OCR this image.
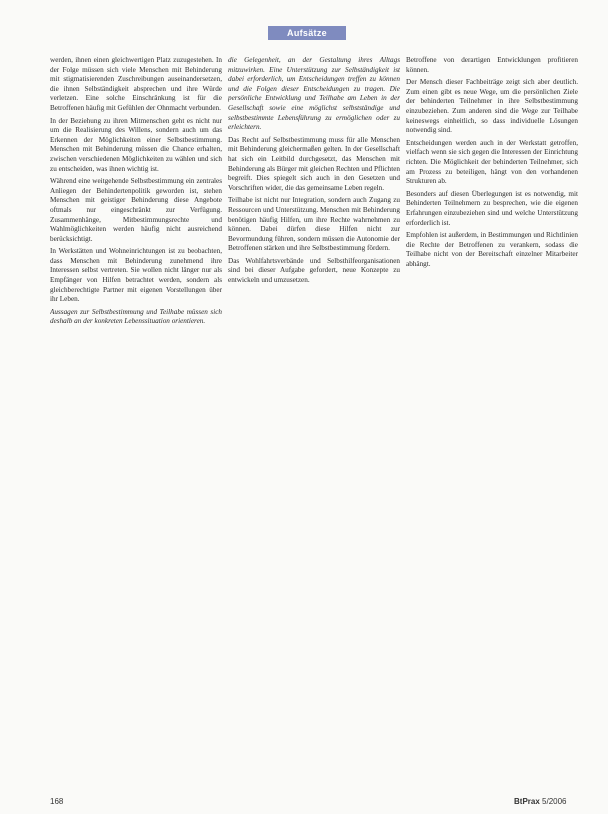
Aufsätze

werden, ihnen einen gleichwertigen Platz zuzugestehen. In der Folge müssen sich viele Menschen mit Behinderung mit stigmatisierenden Zuschreibungen auseinandersetzen, die ihnen Selbständigkeit absprechen und ihre Würde verletzen. Eine solche Einschränkung ist für die Betroffenen häufig mit Gefühlen der Ohnmacht verbunden.

In der Beziehung zu ihren Mitmenschen geht es nicht nur um die Realisierung des Willens, sondern auch um das Erkennen der Möglichkeiten einer Selbstbestimmung. Menschen mit Behinderung müssen die Chance erhalten, zwischen verschiedenen Möglichkeiten zu wählen und sich zu entscheiden, was ihnen wichtig ist.

Während eine weitgehende Selbstbestimmung ein zentrales Anliegen der Behindertenpolitik geworden ist, stehen Menschen mit geistiger Behinderung diese Angebote oftmals nur eingeschränkt zur Verfügung. Zusammenhänge, Mitbestimmungsrechte und Wahlmöglichkeiten werden häufig nicht ausreichend berücksichtigt.

In Werkstätten und Wohneinrichtungen ist zu beobachten, dass Menschen mit Behinderung zunehmend ihre Interessen selbst vertreten. Sie wollen nicht länger nur als Empfänger von Hilfen betrachtet werden, sondern als gleichberechtigte Partner mit eigenen Vorstellungen über ihr Leben.

Aussagen zur Selbstbestimmung und Teilhabe müssen sich deshalb an der konkreten Lebenssituation orientieren.

die Gelegenheit, an der Gestaltung ihres Alltags mitzuwirken. Eine Unterstützung zur Selbständigkeit ist dabei erforderlich, um Entscheidungen treffen zu können und die Folgen dieser Entscheidungen zu tragen. Die persönliche Entwicklung und Teilhabe am Leben in der Gesellschaft sowie eine möglichst selbstständige und selbstbestimmte Lebensführung zu ermöglichen oder zu erleichtern.

Das Recht auf Selbstbestimmung muss für alle Menschen mit Behinderung gleichermaßen gelten. In der Gesellschaft hat sich ein Leitbild durchgesetzt, das Menschen mit Behinderung als Bürger mit gleichen Rechten und Pflichten begreift. Dies spiegelt sich auch in den Gesetzen und Vorschriften wider, die das gemeinsame Leben regeln.

Teilhabe ist nicht nur Integration, sondern auch Zugang zu Ressourcen und Unterstützung. Menschen mit Behinderung benötigen häufig Hilfen, um ihre Rechte wahrnehmen zu können. Dabei dürfen diese Hilfen nicht zur Bevormundung führen, sondern müssen die Autonomie der Betroffenen stärken und ihre Selbstbestimmung fördern.

Das Wohlfahrtsverbände und Selbsthilfeorganisationen sind bei dieser Aufgabe gefordert, neue Konzepte zu entwickeln und umzusetzen.

Betroffene von derartigen Entwicklungen profitieren können.

Der Mensch dieser Fachbeiträge zeigt sich aber deutlich. Zum einen gibt es neue Wege, um die persönlichen Ziele der behinderten Teilnehmer in ihre Selbstbestimmung einzubeziehen. Zum anderen sind die Wege zur Teilhabe keineswegs einheitlich, so dass individuelle Lösungen notwendig sind.

Entscheidungen werden auch in der Werkstatt getroffen, vielfach wenn sie sich gegen die Interessen der Einrichtung richten. Die Möglichkeit der behinderten Teilnehmer, sich am Prozess zu beteiligen, hängt von den vorhandenen Strukturen ab.

Besonders auf diesen Überlegungen ist es notwendig, mit Behinderten Teilnehmern zu besprechen, wie die eigenen Erfahrungen einzubeziehen sind und welche Unterstützung erforderlich ist.

Empfohlen ist außerdem, in Bestimmungen und Richtlinien die Rechte der Betroffenen zu verankern, sodass die Teilhabe nicht von der Bereitschaft einzelner Mitarbeiter abhängt.

168	BtPrax 5/2006
